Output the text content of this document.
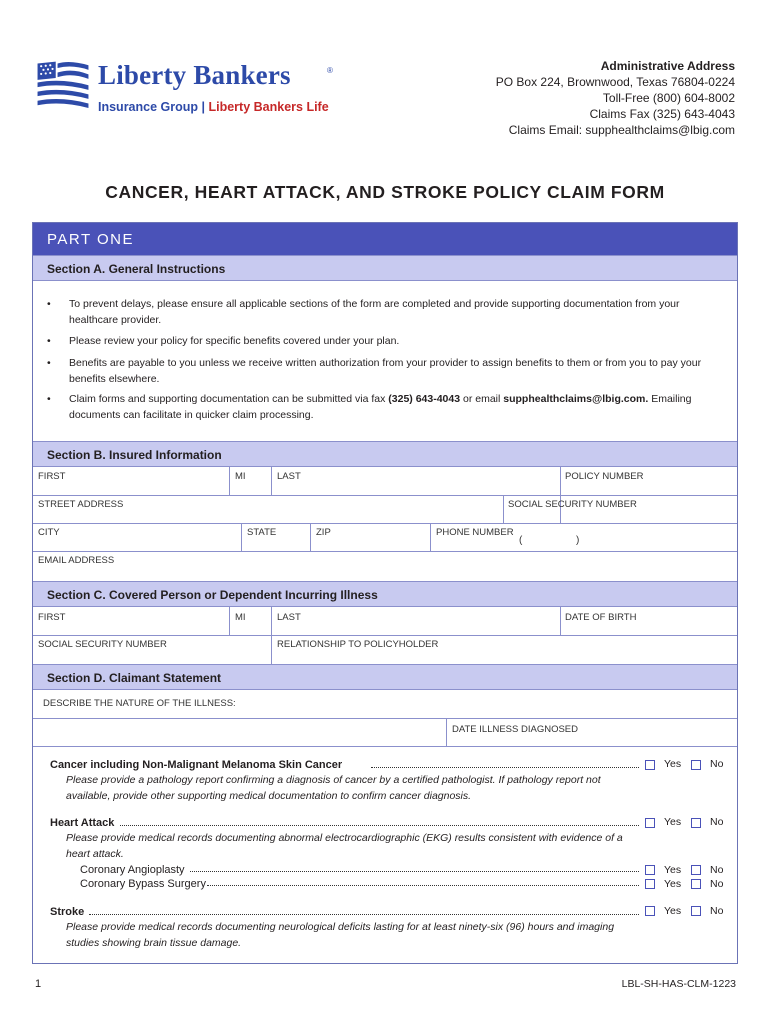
Liberty Bankers	®
Insurance Group | Liberty Bankers Life
Administrative Address
PO Box 224, Brownwood, Texas 76804-0224
Toll-Free (800) 604-8002
Claims Fax (325) 643-4043
Claims Email: supphealthclaims@lbig.com
CANCER, HEART ATTACK, AND STROKE POLICY CLAIM FORM
PART ONE
Section A. General Instructions
• To prevent delays, please ensure all applicable sections of the form are completed and provide supporting documentation from your healthcare provider.
• Please review your policy for specific benefits covered under your plan.
• Benefits are payable to you unless we receive written authorization from your provider to assign benefits to them or from you to pay your benefits elsewhere.
• Claim forms and supporting documentation can be submitted via fax (325) 643-4043 or email supphealthclaims@lbig.com. Emailing documents can facilitate in quicker claim processing.
Section B. Insured Information
FIRST	MI	LAST	POLICY NUMBER
STREET ADDRESS	SOCIAL SECURITY NUMBER
CITY	STATE	ZIP	PHONE NUMBER
(	)
EMAIL ADDRESS
Section C. Covered Person or Dependent Incurring Illness
FIRST	MI	LAST	DATE OF BIRTH
SOCIAL SECURITY NUMBER	RELATIONSHIP TO POLICYHOLDER
Section D. Claimant Statement
DESCRIBE THE NATURE OF THE ILLNESS:
DATE ILLNESS DIAGNOSED
Cancer including Non-Malignant Melanoma Skin Cancer	Yes	No
Please provide a pathology report confirming a diagnosis of cancer by a certified pathologist. If pathology report not available, provide other supporting medical documentation to confirm cancer diagnosis.
Heart Attack	Yes	No
Please provide medical records documenting abnormal electrocardiographic (EKG) results consistent with evidence of a heart attack.
Coronary Angioplasty	Yes	No
Coronary Bypass Surgery	Yes	No
Stroke	Yes	No
Please provide medical records documenting neurological deficits lasting for at least ninety-six (96) hours and imaging studies showing brain tissue damage.
1	LBL-SH-HAS-CLM-1223
